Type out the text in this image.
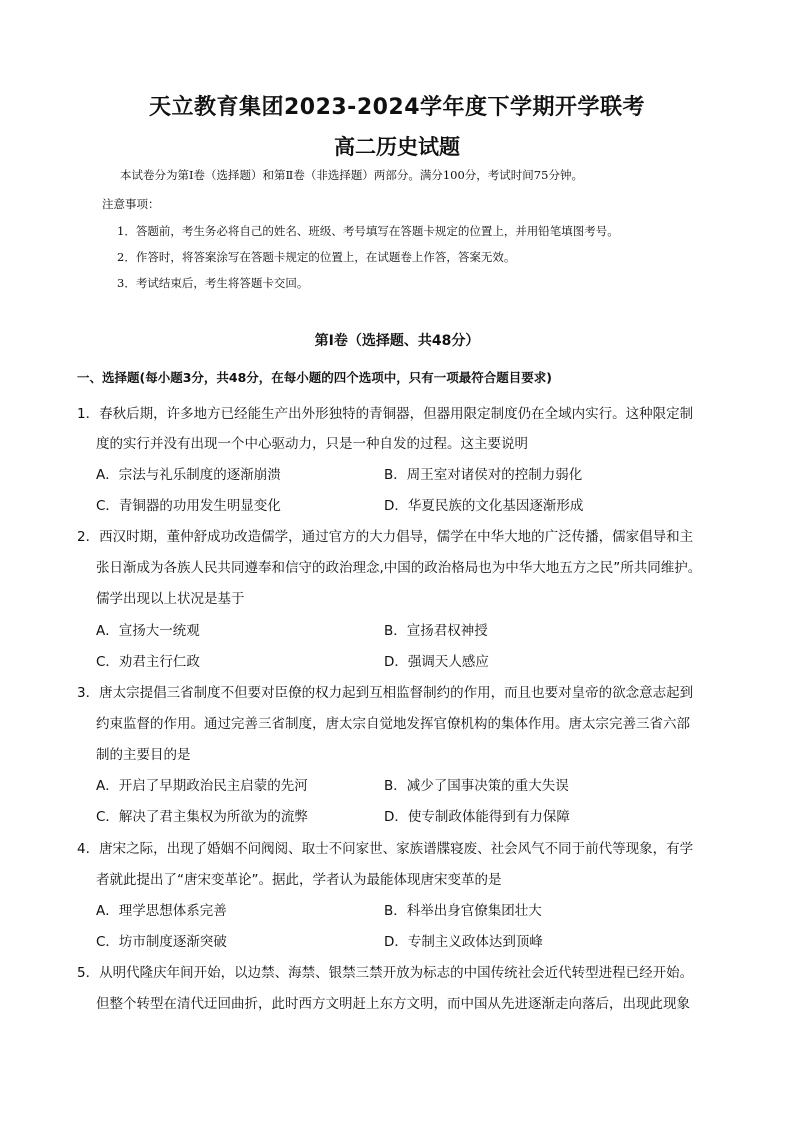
天立教育集团2023-2024学年度下学期开学联考
高二历史试题
本试卷分为第Ⅰ卷（选择题）和第Ⅱ卷（非选择题）两部分。满分100分，考试时间75分钟。
注意事项：
1．答题前，考生务必将自己的姓名、班级、考号填写在答题卡规定的位置上，并用铅笔填图考号。
2．作答时，将答案涂写在答题卡规定的位置上，在试题卷上作答，答案无效。
3．考试结束后，考生将答题卡交回。
第Ⅰ卷（选择题、共48分）
一、选择题(每小题3分，共48分，在每小题的四个选项中，只有一项最符合题目要求)
1．春秋后期，许多地方已经能生产出外形独特的青铜器，但器用限定制度仍在全域内实行。这种限定制
度的实行并没有出现一个中心驱动力，只是一种自发的过程。这主要说明
A．宗法与礼乐制度的逐渐崩溃	B．周王室对诸侯对的控制力弱化
C．青铜器的功用发生明显变化	D．华夏民族的文化基因逐渐形成
2．西汉时期，董仲舒成功改造儒学，通过官方的大力倡导，儒学在中华大地的广泛传播，儒家倡导和主
张日渐成为各族人民共同遵奉和信守的政治理念,中国的政治格局也为中华大地五方之民”所共同维护。
儒学出现以上状况是基于
A．宣扬大一统观	B．宣扬君权神授
C．劝君主行仁政	D．强调天人感应
3．唐太宗提倡三省制度不但要对臣僚的权力起到互相监督制约的作用，而且也要对皇帝的欲念意志起到
约束监督的作用。通过完善三省制度，唐太宗自觉地发挥官僚机构的集体作用。唐太宗完善三省六部
制的主要目的是
A．开启了早期政治民主启蒙的先河	B．减少了国事决策的重大失误
C．解决了君主集权为所欲为的流弊	D．使专制政体能得到有力保障
4．唐宋之际，出现了婚姻不问阀阅、取士不问家世、家族谱牒寝废、社会风气不同于前代等现象，有学
者就此提出了“唐宋变革论”。据此，学者认为最能体现唐宋变革的是
A．理学思想体系完善	B．科举出身官僚集团壮大
C．坊市制度逐渐突破	D．专制主义政体达到顶峰
5．从明代隆庆年间开始，以边禁、海禁、银禁三禁开放为标志的中国传统社会近代转型进程已经开始。
但整个转型在清代迂回曲折，此时西方文明赶上东方文明，而中国从先进逐渐走向落后，出现此现象
